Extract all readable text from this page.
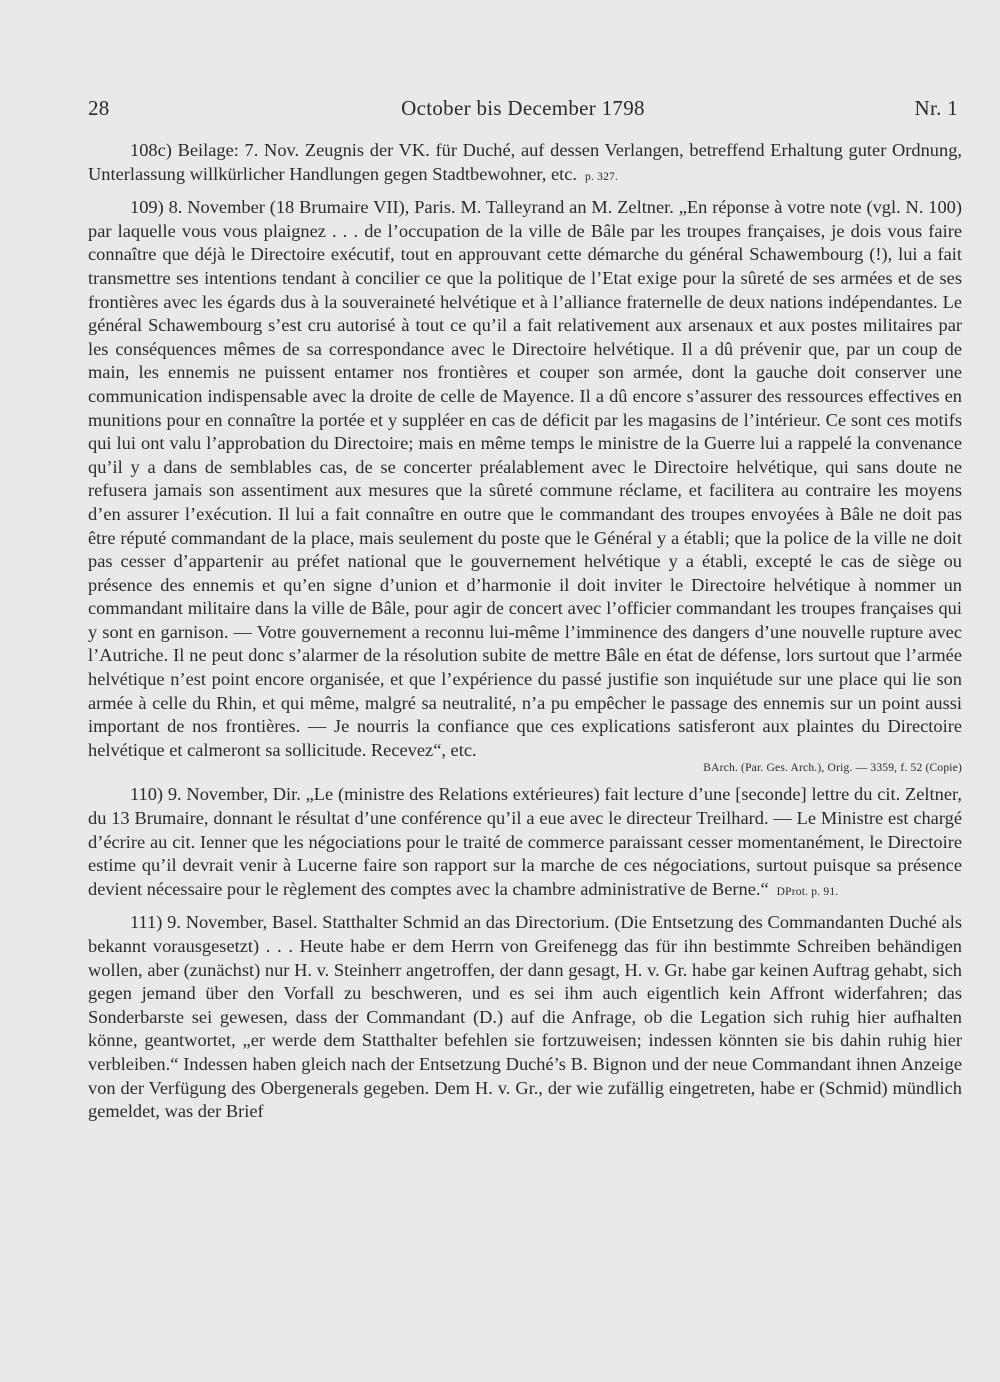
28	October bis December 1798	Nr. 1

108c) Beilage: 7. Nov. Zeugnis der VK. für Duché, auf dessen Verlangen, betreffend Erhaltung guter Ordnung, Unterlassung willkürlicher Handlungen gegen Stadtbewohner, etc. p. 327.

109) 8. November (18 Brumaire VII), Paris. M. Talleyrand an M. Zeltner. „En réponse à votre note (vgl. N. 100) par laquelle vous vous plaignez . . . de l’occupation de la ville de Bâle par les troupes françaises, je dois vous faire connaître que déjà le Directoire exécutif, tout en approuvant cette démarche du général Schawembourg (!), lui a fait transmettre ses intentions tendant à concilier ce que la politique de l’Etat exige pour la sûreté de ses armées et de ses frontières avec les égards dus à la souveraineté helvétique et à l’alliance fraternelle de deux nations indépendantes. Le général Schawembourg s’est cru autorisé à tout ce qu’il a fait relativement aux arsenaux et aux postes militaires par les conséquences mêmes de sa correspondance avec le Directoire helvétique. Il a dû prévenir que, par un coup de main, les ennemis ne puissent entamer nos frontières et couper son armée, dont la gauche doit conserver une communication indispensable avec la droite de celle de Mayence. Il a dû encore s’assurer des ressources effectives en munitions pour en connaître la portée et y suppléer en cas de déficit par les magasins de l’intérieur. Ce sont ces motifs qui lui ont valu l’approbation du Directoire; mais en même temps le ministre de la Guerre lui a rappelé la convenance qu’il y a dans de semblables cas, de se concerter préalablement avec le Directoire helvétique, qui sans doute ne refusera jamais son assentiment aux mesures que la sûreté commune réclame, et facilitera au contraire les moyens d’en assurer l’exécution. Il lui a fait connaître en outre que le commandant des troupes envoyées à Bâle ne doit pas être réputé commandant de la place, mais seulement du poste que le Général y a établi; que la police de la ville ne doit pas cesser d’appartenir au préfet national que le gouvernement helvétique y a établi, excepté le cas de siège ou présence des ennemis et qu’en signe d’union et d’harmonie il doit inviter le Directoire helvétique à nommer un commandant militaire dans la ville de Bâle, pour agir de concert avec l’officier commandant les troupes françaises qui y sont en garnison. — Votre gouvernement a reconnu lui-même l’imminence des dangers d’une nouvelle rupture avec l’Autriche. Il ne peut donc s’alarmer de la résolution subite de mettre Bâle en état de défense, lors surtout que l’armée helvétique n’est point encore organisée, et que l’expérience du passé justifie son inquiétude sur une place qui lie son armée à celle du Rhin, et qui même, malgré sa neutralité, n’a pu empêcher le passage des ennemis sur un point aussi important de nos frontières. — Je nourris la confiance que ces explications satisferont aux plaintes du Directoire helvétique et calmeront sa sollicitude. Recevez“, etc.

BArch. (Par. Ges. Arch.), Orig. — 3359, f. 52 (Copie)

110) 9. November, Dir. „Le (ministre des Relations extérieures) fait lecture d’une [seconde] lettre du cit. Zeltner, du 13 Brumaire, donnant le résultat d’une conférence qu’il a eue avec le directeur Treilhard. — Le Ministre est chargé d’écrire au cit. Ienner que les négociations pour le traité de commerce paraissant cesser momentanément, le Directoire estime qu’il devrait venir à Lucerne faire son rapport sur la marche de ces négociations, surtout puisque sa présence devient nécessaire pour le règlement des comptes avec la chambre administrative de Berne.“ DProt. p. 91.

111) 9. November, Basel. Statthalter Schmid an das Directorium. (Die Entsetzung des Commandanten Duché als bekannt vorausgesetzt) . . . Heute habe er dem Herrn von Greifenegg das für ihn bestimmte Schreiben behändigen wollen, aber (zunächst) nur H. v. Steinherr angetroffen, der dann gesagt, H. v. Gr. habe gar keinen Auftrag gehabt, sich gegen jemand über den Vorfall zu beschweren, und es sei ihm auch eigentlich kein Affront widerfahren; das Sonderbarste sei gewesen, dass der Commandant (D.) auf die Anfrage, ob die Legation sich ruhig hier aufhalten könne, geantwortet, „er werde dem Statthalter befehlen sie fortzuweisen; indessen könnten sie bis dahin ruhig hier verbleiben.“ Indessen haben gleich nach der Entsetzung Duché’s B. Bignon und der neue Commandant ihnen Anzeige von der Verfügung des Obergenerals gegeben. Dem H. v. Gr., der wie zufällig eingetreten, habe er (Schmid) mündlich gemeldet, was der Brief
